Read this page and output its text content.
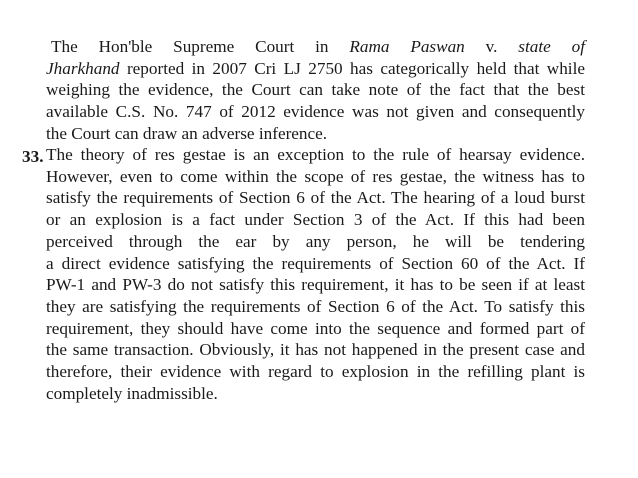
The Hon'ble Supreme Court in Rama Paswan v. state of
Jharkhand reported in 2007 Cri LJ 2750 has categorically held that while
weighing the evidence, the Court can take note of the fact that the best
available C.S. No. 747 of 2012 evidence was not given and consequently
the Court can draw an adverse inference.
33. The theory of res gestae is an exception to the rule of hearsay evidence.
However, even to come within the scope of res gestae, the witness has to
satisfy the requirements of Section 6 of the Act. The hearing of a loud burst
or an explosion is a fact under Section 3 of the Act. If this had been
perceived through the ear by any person, he will be tendering
a direct evidence satisfying the requirements of Section 60 of the Act. If
PW-1 and PW-3 do not satisfy this requirement, it has to be seen if at least
they are satisfying the requirements of Section 6 of the Act. To satisfy this
requirement, they should have come into the sequence and formed part of
the same transaction. Obviously, it has not happened in the present case and
therefore, their evidence with regard to explosion in the refilling plant is
completely inadmissible.
